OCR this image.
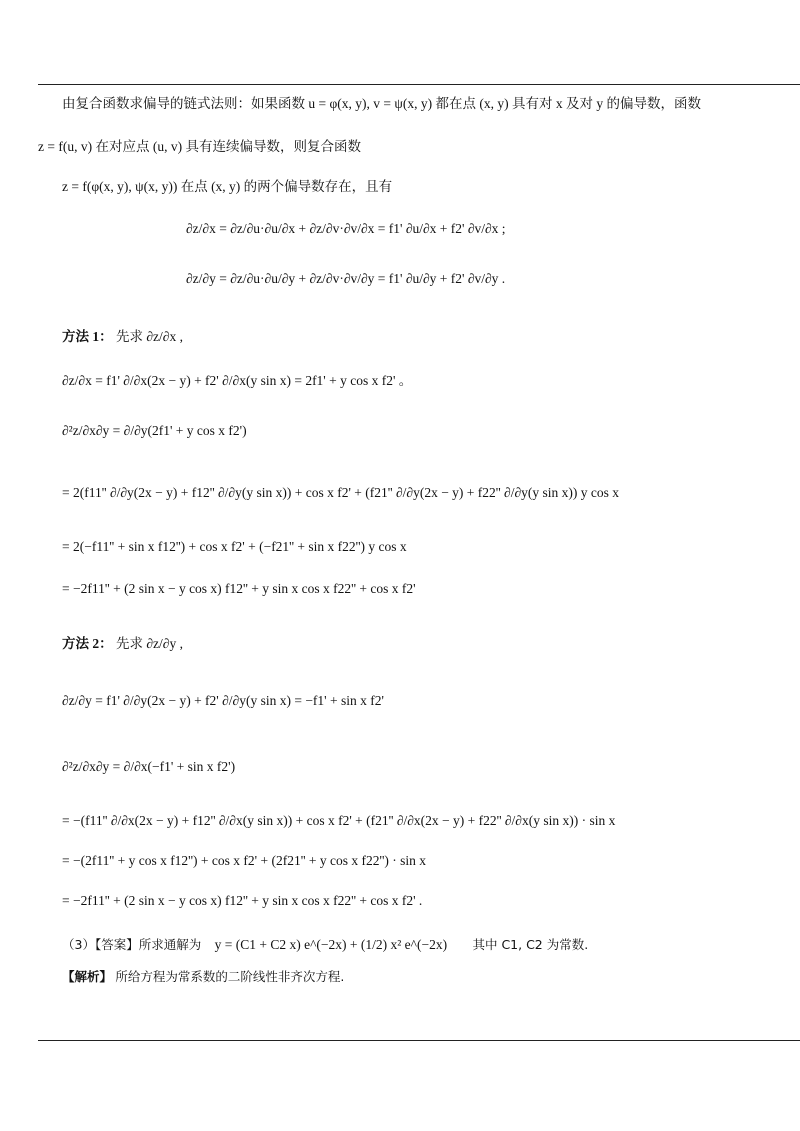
由复合函数求偏导的链式法则：如果函数 u = φ(x, y), v = ψ(x, y) 都在点 (x, y) 具有对 x 及对 y 的偏导数，函数
z = f(u, v) 在对应点 (u, v) 具有连续偏导数，则复合函数
z = f(φ(x, y), ψ(x, y)) 在点 (x, y) 的两个偏导数存在，且有
∂z/∂x = ∂z/∂u·∂u/∂x + ∂z/∂v·∂v/∂x = f1' ∂u/∂x + f2' ∂v/∂x ;
∂z/∂y = ∂z/∂u·∂u/∂y + ∂z/∂v·∂v/∂y = f1' ∂u/∂y + f2' ∂v/∂y .
方法 1： 先求 ∂z/∂x ,
∂z/∂x = f1' ∂/∂x(2x − y) + f2' ∂/∂x(y sin x) = 2f1' + y cos x f2' 。
∂²z/∂x∂y = ∂/∂y(2f1' + y cos x f2')
= 2(f11'' ∂/∂y(2x − y) + f12'' ∂/∂y(y sin x)) + cos x f2' + (f21'' ∂/∂y(2x − y) + f22'' ∂/∂y(y sin x)) y cos x
= 2(−f11'' + sin x f12'') + cos x f2' + (−f21'' + sin x f22'') y cos x
= −2f11'' + (2 sin x − y cos x) f12'' + y sin x cos x f22'' + cos x f2'
方法 2： 先求 ∂z/∂y ,
∂z/∂y = f1' ∂/∂y(2x − y) + f2' ∂/∂y(y sin x) = −f1' + sin x f2'
∂²z/∂x∂y = ∂/∂x(−f1' + sin x f2')
= −(f11'' ∂/∂x(2x − y) + f12'' ∂/∂x(y sin x)) + cos x f2' + (f21'' ∂/∂x(2x − y) + f22'' ∂/∂x(y sin x)) · sin x
= −(2f11'' + y cos x f12'') + cos x f2' + (2f21'' + y cos x f22'') · sin x
= −2f11'' + (2 sin x − y cos x) f12'' + y sin x cos x f22'' + cos x f2' .
（3）【答案】所求通解为 y = (C1 + C2 x) e^(−2x) + (1/2) x² e^(−2x) 其中 C1, C2 为常数.
【解析】 所给方程为常系数的二阶线性非齐次方程.
